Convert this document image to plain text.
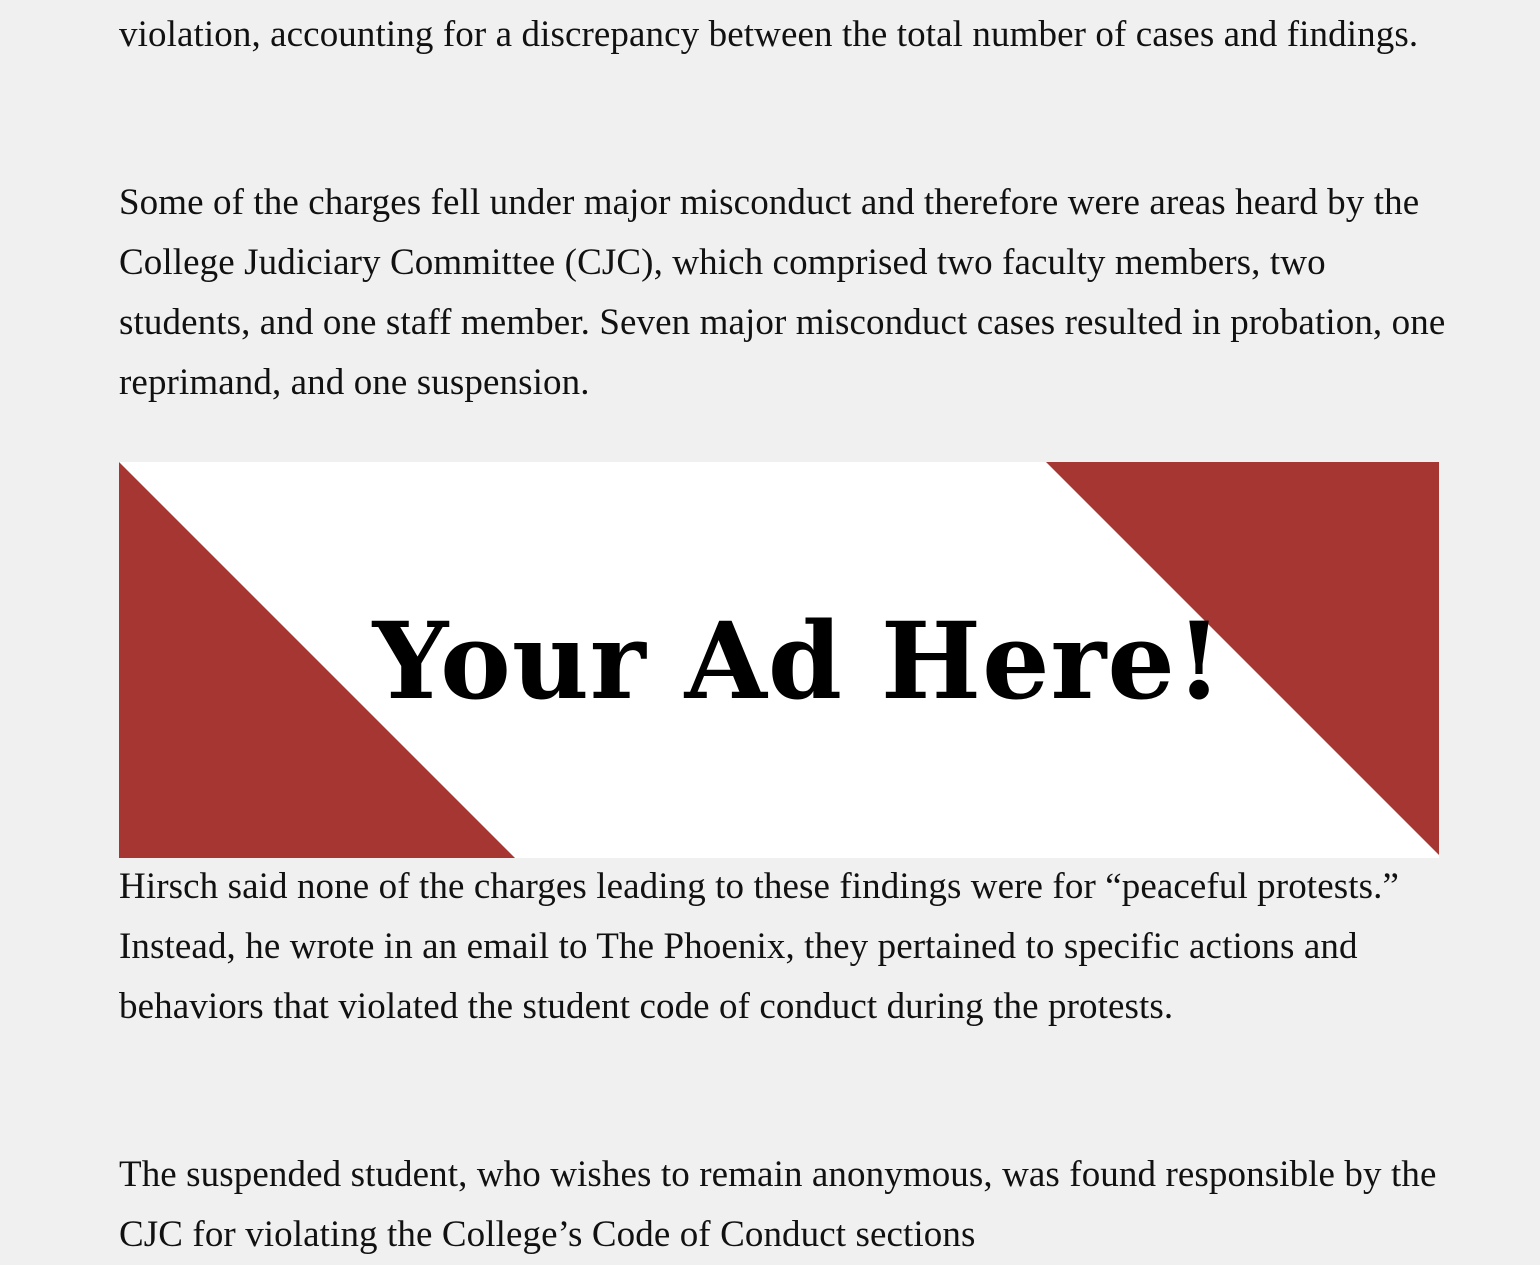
violation, accounting for a discrepancy between the total number of cases and findings.

Some of the charges fell under major misconduct and therefore were areas heard by the College Judiciary Committee (CJC), which comprised two faculty members, two students, and one staff member. Seven major misconduct cases resulted in probation, one reprimand, and one suspension.

Your Ad Here!

Hirsch said none of the charges leading to these findings were for “peaceful protests.” Instead, he wrote in an email to The Phoenix, they pertained to specific actions and behaviors that violated the student code of conduct during the protests.

The suspended student, who wishes to remain anonymous, was found responsible by the CJC for violating the College’s Code of Conduct sections
